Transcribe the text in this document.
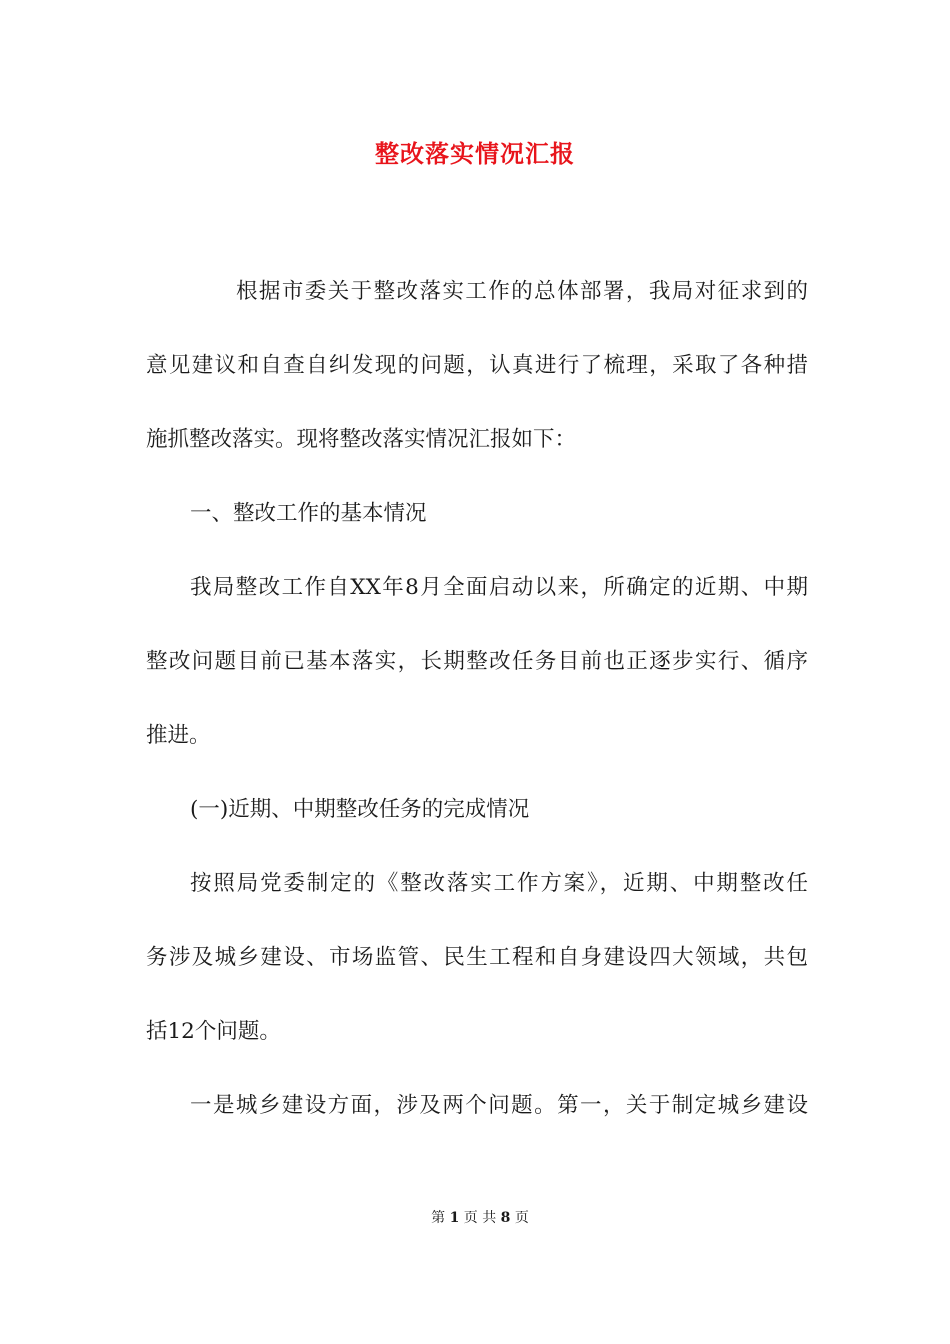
整改落实情况汇报
根据市委关于整改落实工作的总体部署，我局对征求到的
意见建议和自查自纠发现的问题，认真进行了梳理，采取了各种措
施抓整改落实。现将整改落实情况汇报如下：
一、整改工作的基本情况
我局整改工作自XX年8月全面启动以来，所确定的近期、中期
整改问题目前已基本落实，长期整改任务目前也正逐步实行、循序
推进。
(一)近期、中期整改任务的完成情况
按照局党委制定的《整改落实工作方案》，近期、中期整改任
务涉及城乡建设、市场监管、民生工程和自身建设四大领域，共包
括12个问题。
一是城乡建设方面，涉及两个问题。第一，关于制定城乡建设
第 1 页 共 8 页
